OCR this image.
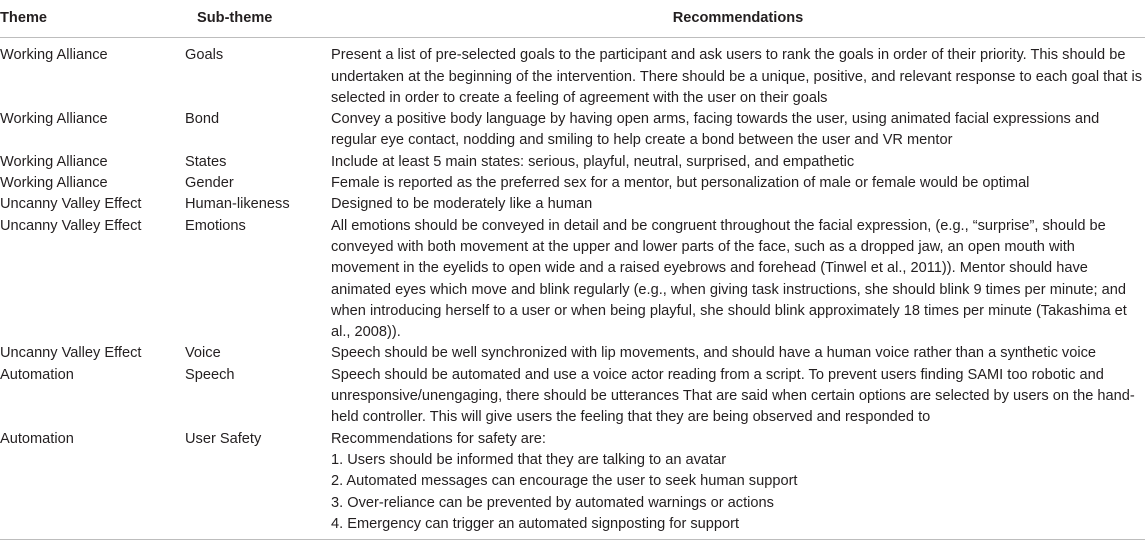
Theme	Sub-theme	Recommendations
Working Alliance	Goals	Present a list of pre-selected goals to the participant and ask users to rank the goals in order of their priority. This should be undertaken at the beginning of the intervention. There should be a unique, positive, and relevant response to each goal that is selected in order to create a feeling of agreement with the user on their goals
Working Alliance	Bond	Convey a positive body language by having open arms, facing towards the user, using animated facial expressions and regular eye contact, nodding and smiling to help create a bond between the user and VR mentor
Working Alliance	States	Include at least 5 main states: serious, playful, neutral, surprised, and empathetic
Working Alliance	Gender	Female is reported as the preferred sex for a mentor, but personalization of male or female would be optimal
Uncanny Valley Effect	Human-likeness	Designed to be moderately like a human
Uncanny Valley Effect	Emotions	All emotions should be conveyed in detail and be congruent throughout the facial expression, (e.g., “surprise”, should be conveyed with both movement at the upper and lower parts of the face, such as a dropped jaw, an open mouth with movement in the eyelids to open wide and a raised eyebrows and forehead (Tinwel et al., 2011)). Mentor should have animated eyes which move and blink regularly (e.g., when giving task instructions, she should blink 9 times per minute; and when introducing herself to a user or when being playful, she should blink approximately 18 times per minute (Takashima et al., 2008)).
Uncanny Valley Effect	Voice	Speech should be well synchronized with lip movements, and should have a human voice rather than a synthetic voice
Automation	Speech	Speech should be automated and use a voice actor reading from a script. To prevent users finding SAMI too robotic and unresponsive/unengaging, there should be utterances That are said when certain options are selected by users on the hand-held controller. This will give users the feeling that they are being observed and responded to
Automation	User Safety	Recommendations for safety are:
1. Users should be informed that they are talking to an avatar
2. Automated messages can encourage the user to seek human support
3. Over-reliance can be prevented by automated warnings or actions
4. Emergency can trigger an automated signposting for support
